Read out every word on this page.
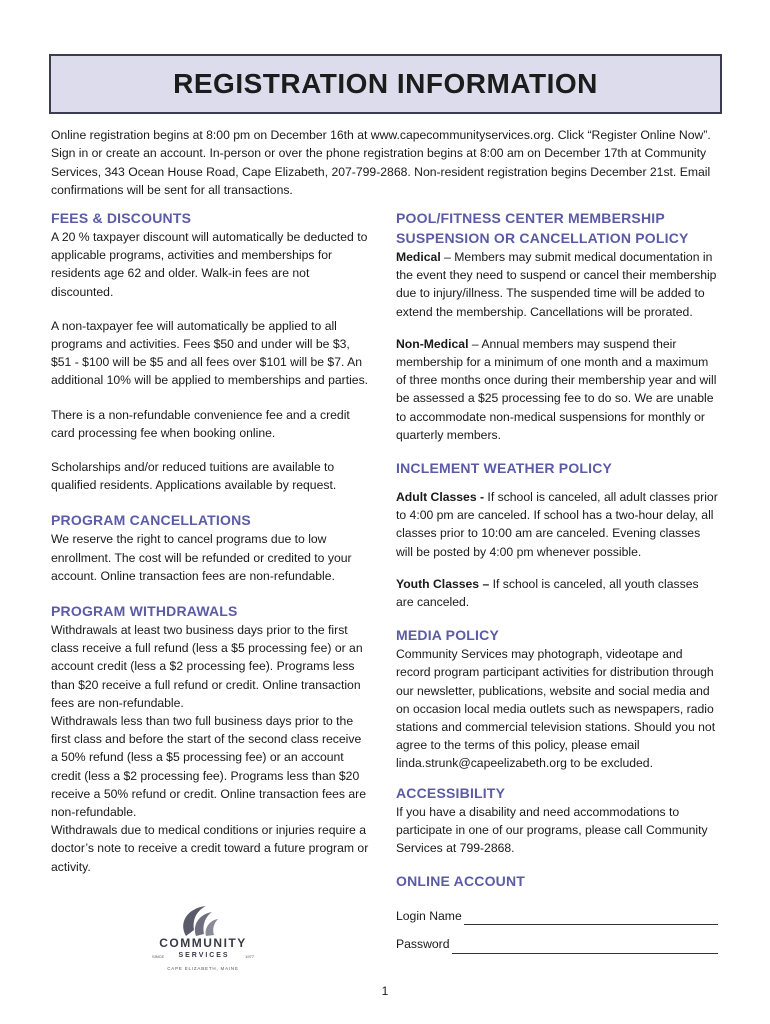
REGISTRATION INFORMATION

Online registration begins at 8:00 pm on December 16th at www.capecommunityservices.org. Click “Register Online Now”. Sign in or create an account. In-person or over the phone registration begins at 8:00 am on December 17th at Community Services, 343 Ocean House Road, Cape Elizabeth, 207-799-2868. Non-resident registration begins December 21st. Email confirmations will be sent for all transactions.

FEES & DISCOUNTS

A 20 % taxpayer discount will automatically be deducted to applicable programs, activities and memberships for residents age 62 and older. Walk-in fees are not discounted.

A non-taxpayer fee will automatically be applied to all programs and activities. Fees $50 and under will be $3, $51 - $100 will be $5 and all fees over $101 will be $7. An additional 10% will be applied to memberships and parties.

There is a non-refundable convenience fee and a credit card processing fee when booking online.

Scholarships and/or reduced tuitions are available to qualified residents. Applications available by request.

PROGRAM CANCELLATIONS

We reserve the right to cancel programs due to low enrollment. The cost will be refunded or credited to your account. Online transaction fees are non-refundable.

PROGRAM WITHDRAWALS

Withdrawals at least two business days prior to the first class receive a full refund (less a $5 processing fee) or an account credit (less a $2 processing fee). Programs less than $20 receive a full refund or credit. Online transaction fees are non-refundable.

Withdrawals less than two full business days prior to the first class and before the start of the second class receive a 50% refund (less a $5 processing fee) or an account credit (less a $2 processing fee). Programs less than $20 receive a 50% refund or credit. Online transaction fees are non-refundable.

Withdrawals due to medical conditions or injuries require a doctor’s note to receive a credit toward a future program or activity.

POOL/FITNESS CENTER MEMBERSHIP SUSPENSION OR CANCELLATION POLICY

Medical – Members may submit medical documentation in the event they need to suspend or cancel their membership due to injury/illness. The suspended time will be added to extend the membership. Cancellations will be prorated.

Non-Medical – Annual members may suspend their membership for a minimum of one month and a maximum of three months once during their membership year and will be assessed a $25 processing fee to do so. We are unable to accommodate non-medical suspensions for monthly or quarterly members.

INCLEMENT WEATHER POLICY

Adult Classes - If school is canceled, all adult classes prior to 4:00 pm are canceled. If school has a two-hour delay, all classes prior to 10:00 am are canceled. Evening classes will be posted by 4:00 pm whenever possible.

Youth Classes – If school is canceled, all youth classes are canceled.

MEDIA POLICY

Community Services may photograph, videotape and record program participant activities for distribution through our newsletter, publications, website and social media and on occasion local media outlets such as newspapers, radio stations and commercial television stations. Should you not agree to the terms of this policy, please email linda.strunk@capeelizabeth.org to be excluded.

ACCESSIBILITY

If you have a disability and need accommodations to participate in one of our programs, please call Community Services at 799-2868.

ONLINE ACCOUNT

Login Name
Password
COMMUNITY
SINCE	S E R V I C E S	1977
CAPE ELIZABETH, MAINE
1
